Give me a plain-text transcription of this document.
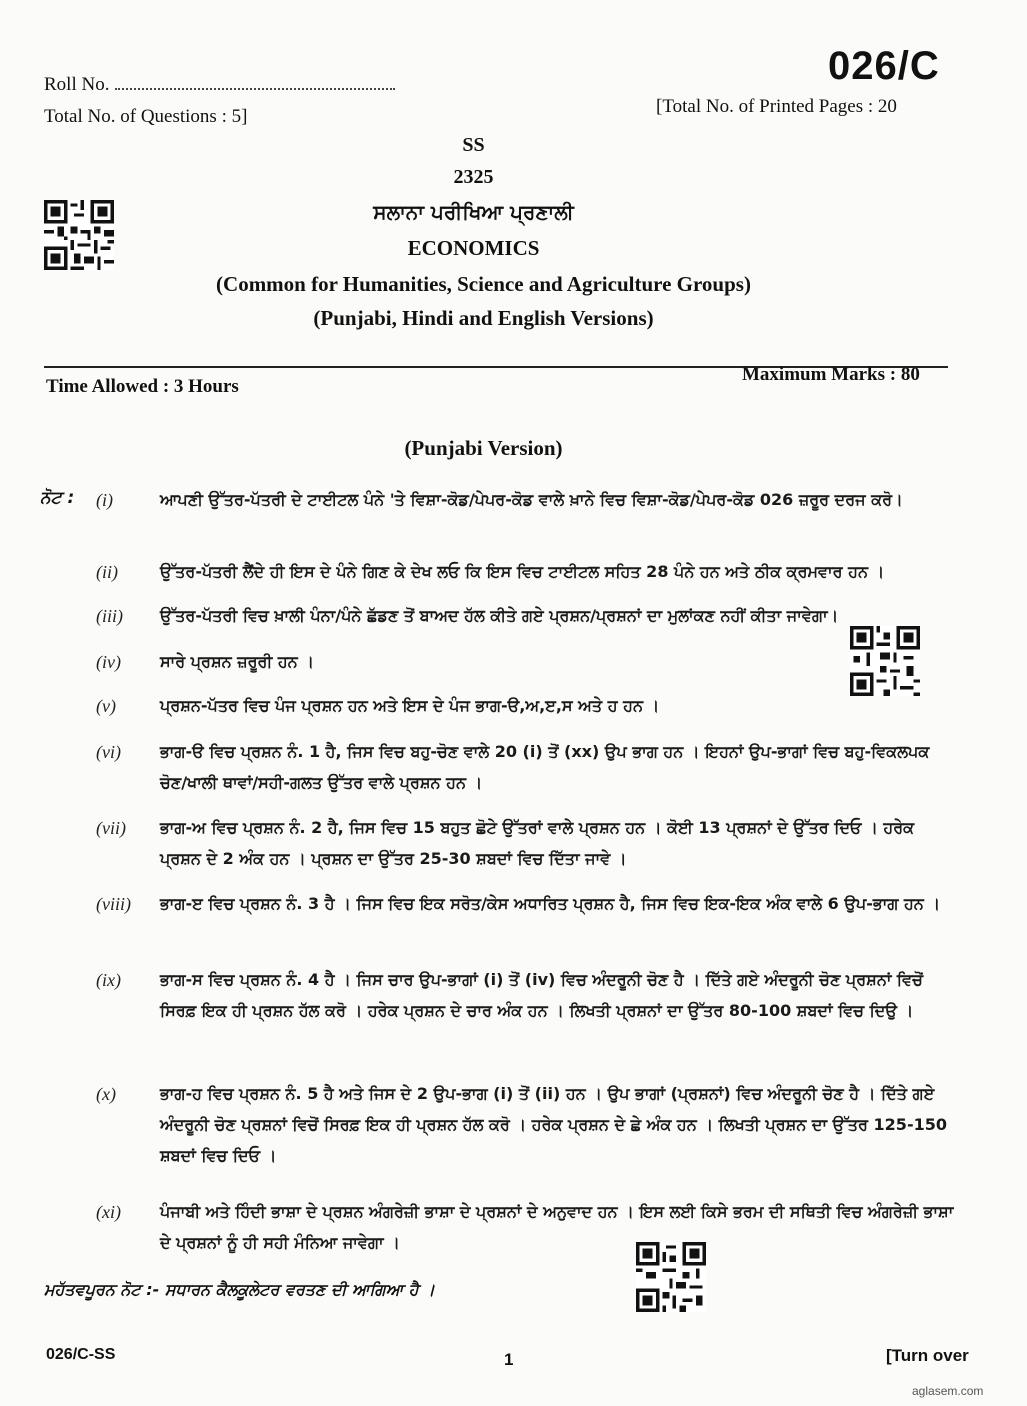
Roll No.
Total No. of Questions : 5]
026/C
[Total No. of Printed Pages : 20
SS
2325
ਸਲਾਨਾ ਪਰੀਖਿਆ ਪ੍ਰਣਾਲੀ
ECONOMICS
(Common for Humanities, Science and Agriculture Groups)
(Punjabi, Hindi and English Versions)
Time Allowed : 3 Hours
Maximum Marks : 80
(Punjabi Version)
ਨੋਟ : (i)	ਆਪਣੀ ਉੱਤਰ-ਪੱਤਰੀ ਦੇ ਟਾਈਟਲ ਪੰਨੇ 'ਤੇ ਵਿਸ਼ਾ-ਕੋਡ/ਪੇਪਰ-ਕੋਡ ਵਾਲੇ ਖ਼ਾਨੇ ਵਿਚ ਵਿਸ਼ਾ-ਕੋਡ/ਪੇਪਰ-ਕੋਡ 026 ਜ਼ਰੂਰ ਦਰਜ ਕਰੋ।
(ii)	ਉੱਤਰ-ਪੱਤਰੀ ਲੈਂਦੇ ਹੀ ਇਸ ਦੇ ਪੰਨੇ ਗਿਣ ਕੇ ਦੇਖ ਲਓ ਕਿ ਇਸ ਵਿਚ ਟਾਈਟਲ ਸਹਿਤ 28 ਪੰਨੇ ਹਨ ਅਤੇ ਠੀਕ ਕ੍ਰਮਵਾਰ ਹਨ ।
(iii) ਉੱਤਰ-ਪੱਤਰੀ ਵਿਚ ਖ਼ਾਲੀ ਪੰਨਾ/ਪੰਨੇ ਛੱਡਣ ਤੋਂ ਬਾਅਦ ਹੱਲ ਕੀਤੇ ਗਏ ਪ੍ਰਸ਼ਨ/ਪ੍ਰਸ਼ਨਾਂ ਦਾ ਮੁਲਾਂਕਣ ਨਹੀਂ ਕੀਤਾ ਜਾਵੇਗਾ।
(iv) ਸਾਰੇ ਪ੍ਰਸ਼ਨ ਜ਼ਰੂਰੀ ਹਨ ।
(v)	ਪ੍ਰਸ਼ਨ-ਪੱਤਰ ਵਿਚ ਪੰਜ ਪ੍ਰਸ਼ਨ ਹਨ ਅਤੇ ਇਸ ਦੇ ਪੰਜ ਭਾਗ-ੳ,ਅ,ੲ,ਸ ਅਤੇ ਹ ਹਨ ।
(vi) ਭਾਗ-ੳ ਵਿਚ ਪ੍ਰਸ਼ਨ ਨੰ. 1 ਹੈ, ਜਿਸ ਵਿਚ ਬਹੁ-ਚੋਣ ਵਾਲੇ 20 (i) ਤੋਂ (xx) ਉਪ ਭਾਗ ਹਨ । ਇਹਨਾਂ ਉਪ-ਭਾਗਾਂ ਵਿਚ ਬਹੁ-ਵਿਕਲਪਕ ਚੋਣ/ਖਾਲੀ ਥਾਵਾਂ/ਸਹੀ-ਗਲਤ ਉੱਤਰ ਵਾਲੇ ਪ੍ਰਸ਼ਨ ਹਨ ।
(vii) ਭਾਗ-ਅ ਵਿਚ ਪ੍ਰਸ਼ਨ ਨੰ. 2 ਹੈ, ਜਿਸ ਵਿਚ 15 ਬਹੁਤ ਛੋਟੇ ਉੱਤਰਾਂ ਵਾਲੇ ਪ੍ਰਸ਼ਨ ਹਨ । ਕੋਈ 13 ਪ੍ਰਸ਼ਨਾਂ ਦੇ ਉੱਤਰ ਦਿਓ । ਹਰੇਕ ਪ੍ਰਸ਼ਨ ਦੇ 2 ਅੰਕ ਹਨ । ਪ੍ਰਸ਼ਨ ਦਾ ਉੱਤਰ 25-30 ਸ਼ਬਦਾਂ ਵਿਚ ਦਿੱਤਾ ਜਾਵੇ ।
(viii) ਭਾਗ-ੲ ਵਿਚ ਪ੍ਰਸ਼ਨ ਨੰ. 3 ਹੈ । ਜਿਸ ਵਿਚ ਇਕ ਸਰੋਤ/ਕੇਸ ਅਧਾਰਿਤ ਪ੍ਰਸ਼ਨ ਹੈ, ਜਿਸ ਵਿਚ ਇਕ-ਇਕ ਅੰਕ ਵਾਲੇ 6 ਉਪ-ਭਾਗ ਹਨ ।
(ix) ਭਾਗ-ਸ ਵਿਚ ਪ੍ਰਸ਼ਨ ਨੰ. 4 ਹੈ । ਜਿਸ ਚਾਰ ਉਪ-ਭਾਗਾਂ (i) ਤੋਂ (iv) ਵਿਚ ਅੰਦਰੂਨੀ ਚੋਣ ਹੈ । ਦਿੱਤੇ ਗਏ ਅੰਦਰੂਨੀ ਚੋਣ ਪ੍ਰਸ਼ਨਾਂ ਵਿਚੋਂ ਸਿਰਫ਼ ਇਕ ਹੀ ਪ੍ਰਸ਼ਨ ਹੱਲ ਕਰੋ । ਹਰੇਕ ਪ੍ਰਸ਼ਨ ਦੇ ਚਾਰ ਅੰਕ ਹਨ । ਲਿਖਤੀ ਪ੍ਰਸ਼ਨਾਂ ਦਾ ਉੱਤਰ 80-100 ਸ਼ਬਦਾਂ ਵਿਚ ਦਿਉ ।
(x)	ਭਾਗ-ਹ ਵਿਚ ਪ੍ਰਸ਼ਨ ਨੰ. 5 ਹੈ ਅਤੇ ਜਿਸ ਦੇ 2 ਉਪ-ਭਾਗ (i) ਤੋਂ (ii) ਹਨ । ਉਪ ਭਾਗਾਂ (ਪ੍ਰਸ਼ਨਾਂ) ਵਿਚ ਅੰਦਰੂਨੀ ਚੋਣ ਹੈ । ਦਿੱਤੇ ਗਏ ਅੰਦਰੂਨੀ ਚੋਣ ਪ੍ਰਸ਼ਨਾਂ ਵਿਚੋਂ ਸਿਰਫ਼ ਇਕ ਹੀ ਪ੍ਰਸ਼ਨ ਹੱਲ ਕਰੋ । ਹਰੇਕ ਪ੍ਰਸ਼ਨ ਦੇ ਛੇ ਅੰਕ ਹਨ । ਲਿਖਤੀ ਪ੍ਰਸ਼ਨ ਦਾ ਉੱਤਰ 125-150 ਸ਼ਬਦਾਂ ਵਿਚ ਦਿਓ ।
(xi) ਪੰਜਾਬੀ ਅਤੇ ਹਿੰਦੀ ਭਾਸ਼ਾ ਦੇ ਪ੍ਰਸ਼ਨ ਅੰਗਰੇਜ਼ੀ ਭਾਸ਼ਾ ਦੇ ਪ੍ਰਸ਼ਨਾਂ ਦੇ ਅਨੁਵਾਦ ਹਨ । ਇਸ ਲਈ ਕਿਸੇ ਭਰਮ ਦੀ ਸਥਿਤੀ ਵਿਚ ਅੰਗਰੇਜ਼ੀ ਭਾਸ਼ਾ ਦੇ ਪ੍ਰਸ਼ਨਾਂ ਨੂੰ ਹੀ ਸਹੀ ਮੰਨਿਆ ਜਾਵੇਗਾ ।
ਮਹੱਤਵਪੂਰਨ ਨੋਟ :- ਸਧਾਰਨ ਕੈਲਕੂਲੇਟਰ ਵਰਤਣ ਦੀ ਆਗਿਆ ਹੈ ।
026/C-SS	1	[Turn over
aglasem.com
